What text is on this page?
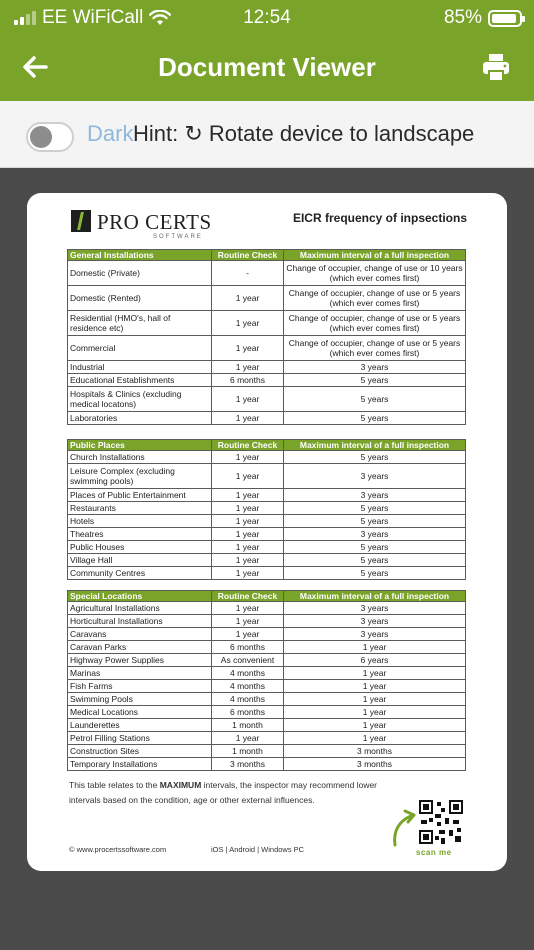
EE WiFiCall	12:54	85%
Document Viewer
Dark Hint: ↻ Rotate device to landscape
PRO CERTS
SOFTWARE
EICR frequency of inpsections
General Installations	Routine Check	Maximum interval of a full inspection
Domestic (Private)	-	Change of occupier, change of use or 10 years (which ever comes first)
Domestic (Rented)	1 year	Change of occupier, change of use or 5 years (which ever comes first)
Residential (HMO's, hall of residence etc)	1 year	Change of occupier, change of use or 5 years (which ever comes first)
Commercial	1 year	Change of occupier, change of use or 5 years (which ever comes first)
Industrial	1 year	3 years
Educational Establishments	6 months	5 years
Hospitals & Clinics (excluding medical locatons)	1 year	5 years
Laboratories	1 year	5 years
Public Places	Routine Check	Maximum interval of a full inspection
Church Installations	1 year	5 years
Leisure Complex (excluding swimming pools)	1 year	3 years
Places of Public Entertainment	1 year	3 years
Restaurants	1 year	5 years
Hotels	1 year	5 years
Theatres	1 year	3 years
Public Houses	1 year	5 years
Village Hall	1 year	5 years
Community Centres	1 year	5 years
Special Locations	Routine Check	Maximum interval of a full inspection
Agricultural Installations	1 year	3 years
Horticultural Installations	1 year	3 years
Caravans	1 year	3 years
Caravan Parks	6 months	1 year
Highway Power Supplies	As convenient	6 years
Marinas	4 months	1 year
Fish Farms	4 months	1 year
Swimming Pools	4 months	1 year
Medical Locations	6 months	1 year
Launderettes	1 month	1 year
Petrol Filling Stations	1 year	1 year
Construction Sites	1 month	3 months
Temporary Installations	3 months	3 months
This table relates to the MAXIMUM intervals, the inspector may recommend lower intervals based on the condition, age or other external influences.
© www.procertssoftware.com	iOS | Android | Windows PC	scan me
